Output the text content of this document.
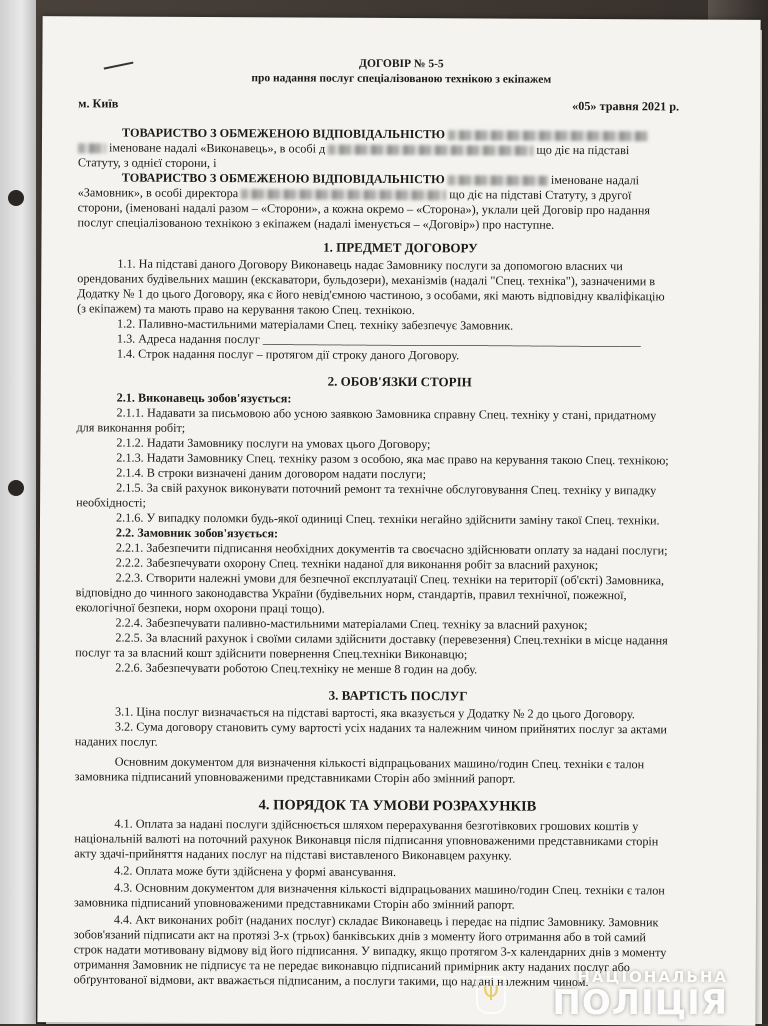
ДОГОВІР № 5-5
про надання послуг спеціалізованою технікою з екіпажем
м. Київ	«05» травня 2021 р.
ТОВАРИСТВО З ОБМЕЖЕНОЮ ВІДПОВІДАЛЬНІСТЮ
іменоване надалі «Виконавець», в особі д	що діє на підставі
Статуту, з однієї сторони, і
ТОВАРИСТВО З ОБМЕЖЕНОЮ ВІДПОВІДАЛЬНІСТЮ	іменоване надалі
«Замовник», в особі директора	що діє на підставі Статуту, з другої
сторони, (іменовані надалі разом – «Сторони», а кожна окремо – «Сторона»), уклали цей Договір про надання
послуг спеціалізованою технікою з екіпажем (надалі іменується – «Договір») про наступне.
1. ПРЕДМЕТ ДОГОВОРУ
1.1. На підставі даного Договору Виконавець надає Замовнику послуги за допомогою власних чи
орендованих будівельних машин (екскаватори, бульдозери), механізмів (надалі "Спец. техніка"), зазначеними в
Додатку № 1 до цього Договору, яка є його невід'ємною частиною, з особами, які мають відповідну кваліфікацію
(з екіпажем) та мають право на керування такою Спец. технікою.
1.2. Паливно-мастильними матеріалами Спец. техніку забезпечує Замовник.
1.3. Адреса надання послуг ______________________________________________________________
1.4. Строк надання послуг – протягом дії строку даного Договору.
2. ОБОВ'ЯЗКИ СТОРІН
2.1. Виконавець зобов'язується:
2.1.1. Надавати за письмовою або усною заявкою Замовника справну Спец. техніку у стані, придатному
для виконання робіт;
2.1.2. Надати Замовнику послуги на умовах цього Договору;
2.1.3. Надати Замовнику Спец. техніку разом з особою, яка має право на керування такою Спец. технікою;
2.1.4. В строки визначені даним договором надати послуги;
2.1.5. За свій рахунок виконувати поточний ремонт та технічне обслуговування Спец. техніку у випадку
необхідності;
2.1.6. У випадку поломки будь-якої одиниці Спец. техніки негайно здійснити заміну такої Спец. техніки.
2.2. Замовник зобов'язується:
2.2.1. Забезпечити підписання необхідних документів та своєчасно здійснювати оплату за надані послуги;
2.2.2. Забезпечувати охорону Спец. техніки наданої для виконання робіт за власний рахунок;
2.2.3. Створити належні умови для безпечної експлуатації Спец. техніки на території (об'єкті) Замовника,
відповідно до чинного законодавства України (будівельних норм, стандартів, правил технічної, пожежної,
екологічної безпеки, норм охорони праці тощо).
2.2.4. Забезпечувати паливно-мастильними матеріалами Спец. техніку за власний рахунок;
2.2.5. За власний рахунок і своїми силами здійснити доставку (перевезення) Спец.техніки в місце надання
послуг та за власний кошт здійснити повернення Спец.техніки Виконавцю;
2.2.6. Забезпечувати роботою Спец.техніку не менше 8 годин на добу.
3. ВАРТІСТЬ ПОСЛУГ
3.1. Ціна послуг визначається на підставі вартості, яка вказується у Додатку № 2 до цього Договору.
3.2. Сума договору становить суму вартості усіх наданих та належним чином прийнятих послуг за актами
наданих послуг.
Основним документом для визначення кількості відпрацьованих машино/годин Спец. техніки є талон
замовника підписаний уповноваженими представниками Сторін або змінний рапорт.
4. ПОРЯДОК ТА УМОВИ РОЗРАХУНКІВ
4.1. Оплата за надані послуги здійснюється шляхом перерахування безготівкових грошових коштів у
національній валюті на поточний рахунок Виконавця після підписання уповноваженими представниками сторін
акту здачі-прийняття наданих послуг на підставі виставленого Виконавцем рахунку.
4.2. Оплата може бути здійснена у формі авансування.
4.3. Основним документом для визначення кількості відпрацьованих машино/годин Спец. техніки є талон
замовника підписаний уповноваженими представниками Сторін або змінний рапорт.
4.4. Акт виконаних робіт (наданих послуг) складає Виконавець і передає на підпис Замовнику. Замовник
зобов'язаний підписати акт на протязі 3-х (трьох) банківських днів з моменту його отримання або в той самий
строк надати мотивовану відмову від його підписання. У випадку, якщо протягом 3-х календарних днів з моменту
отримання Замовник не підписує та не передає виконавцю підписаний примірник акту наданих послуг або
обґрунтованої відмови, акт вважається підписаним, а послуги такими, що надані належним чином.
Ψ
НАЦІОНАЛЬНА
ПОЛІЦІЯ
